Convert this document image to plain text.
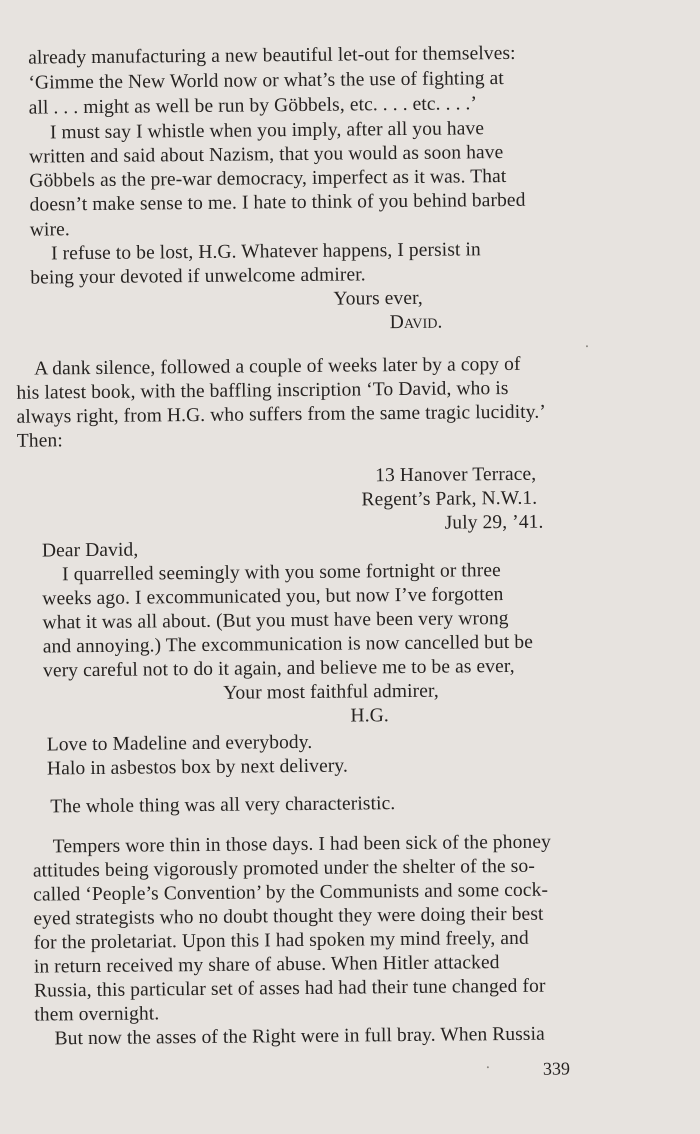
already manufacturing a new beautiful let-out for themselves:
‘Gimme the New World now or what’s the use of fighting at
all . . . might as well be run by Göbbels, etc. . . . etc. . . .’
I must say I whistle when you imply, after all you have
written and said about Nazism, that you would as soon have
Göbbels as the pre-war democracy, imperfect as it was. That
doesn’t make sense to me. I hate to think of you behind barbed
wire.
I refuse to be lost, H.G. Whatever happens, I persist in
being your devoted if unwelcome admirer.
Yours ever,
David.
A dank silence, followed a couple of weeks later by a copy of
his latest book, with the baffling inscription ‘To David, who is
always right, from H.G. who suffers from the same tragic lucidity.’
Then:
13 Hanover Terrace,
Regent’s Park, N.W.1.
July 29, ’41.
Dear David,
I quarrelled seemingly with you some fortnight or three
weeks ago. I excommunicated you, but now I’ve forgotten
what it was all about. (But you must have been very wrong
and annoying.) The excommunication is now cancelled but be
very careful not to do it again, and believe me to be as ever,
Your most faithful admirer,
H.G.
Love to Madeline and everybody.
Halo in asbestos box by next delivery.
The whole thing was all very characteristic.
Tempers wore thin in those days. I had been sick of the phoney
attitudes being vigorously promoted under the shelter of the so-
called ‘People’s Convention’ by the Communists and some cock-
eyed strategists who no doubt thought they were doing their best
for the proletariat. Upon this I had spoken my mind freely, and
in return received my share of abuse. When Hitler attacked
Russia, this particular set of asses had had their tune changed for
them overnight.
But now the asses of the Right were in full bray. When Russia
339
